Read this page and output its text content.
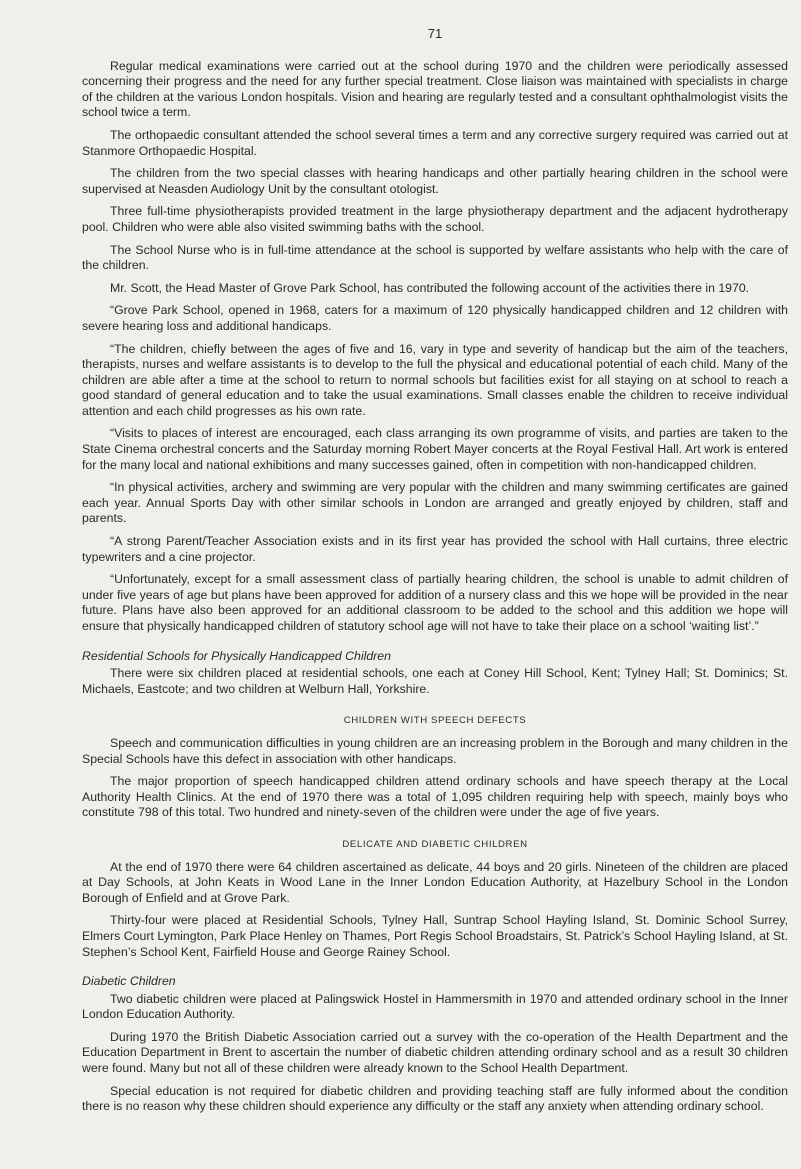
71

Regular medical examinations were carried out at the school during 1970 and the children were periodically assessed concerning their progress and the need for any further special treatment. Close liaison was maintained with specialists in charge of the children at the various London hospitals. Vision and hearing are regularly tested and a consultant ophthalmologist visits the school twice a term.

The orthopaedic consultant attended the school several times a term and any corrective surgery required was carried out at Stanmore Orthopaedic Hospital.

The children from the two special classes with hearing handicaps and other partially hearing children in the school were supervised at Neasden Audiology Unit by the consultant otologist.

Three full-time physiotherapists provided treatment in the large physiotherapy department and the adjacent hydrotherapy pool. Children who were able also visited swimming baths with the school.

The School Nurse who is in full-time attendance at the school is supported by welfare assistants who help with the care of the children.

Mr. Scott, the Head Master of Grove Park School, has contributed the following account of the activities there in 1970.

“Grove Park School, opened in 1968, caters for a maximum of 120 physically handicapped children and 12 children with severe hearing loss and additional handicaps.

“The children, chiefly between the ages of five and 16, vary in type and severity of handicap but the aim of the teachers, therapists, nurses and welfare assistants is to develop to the full the physical and educational potential of each child. Many of the children are able after a time at the school to return to normal schools but facilities exist for all staying on at school to reach a good standard of general education and to take the usual examinations. Small classes enable the children to receive individual attention and each child progresses as his own rate.

“Visits to places of interest are encouraged, each class arranging its own programme of visits, and parties are taken to the State Cinema orchestral concerts and the Saturday morning Robert Mayer concerts at the Royal Festival Hall. Art work is entered for the many local and national exhibitions and many successes gained, often in competition with non-handicapped children.

“In physical activities, archery and swimming are very popular with the children and many swimming certificates are gained each year. Annual Sports Day with other similar schools in London are arranged and greatly enjoyed by children, staff and parents.

“A strong Parent/Teacher Association exists and in its first year has provided the school with Hall curtains, three electric typewriters and a cine projector.

“Unfortunately, except for a small assessment class of partially hearing children, the school is unable to admit children of under five years of age but plans have been approved for addition of a nursery class and this we hope will be provided in the near future. Plans have also been approved for an additional classroom to be added to the school and this addition we hope will ensure that physically handicapped children of statutory school age will not have to take their place on a school ‘waiting list’.”

Residential Schools for Physically Handicapped Children

There were six children placed at residential schools, one each at Coney Hill School, Kent; Tylney Hall; St. Dominics; St. Michaels, Eastcote; and two children at Welburn Hall, Yorkshire.

CHILDREN WITH SPEECH DEFECTS

Speech and communication difficulties in young children are an increasing problem in the Borough and many children in the Special Schools have this defect in association with other handicaps.

The major proportion of speech handicapped children attend ordinary schools and have speech therapy at the Local Authority Health Clinics. At the end of 1970 there was a total of 1,095 children requiring help with speech, mainly boys who constitute 798 of this total. Two hundred and ninety-seven of the children were under the age of five years.

DELICATE AND DIABETIC CHILDREN

At the end of 1970 there were 64 children ascertained as delicate, 44 boys and 20 girls. Nineteen of the children are placed at Day Schools, at John Keats in Wood Lane in the Inner London Education Authority, at Hazelbury School in the London Borough of Enfield and at Grove Park.

Thirty-four were placed at Residential Schools, Tylney Hall, Suntrap School Hayling Island, St. Dominic School Surrey, Elmers Court Lymington, Park Place Henley on Thames, Port Regis School Broadstairs, St. Patrick’s School Hayling Island, at St. Stephen’s School Kent, Fairfield House and George Rainey School.

Diabetic Children

Two diabetic children were placed at Palingswick Hostel in Hammersmith in 1970 and attended ordinary school in the Inner London Education Authority.

During 1970 the British Diabetic Association carried out a survey with the co-operation of the Health Department and the Education Department in Brent to ascertain the number of diabetic children attending ordinary school and as a result 30 children were found. Many but not all of these children were already known to the School Health Department.

Special education is not required for diabetic children and providing teaching staff are fully informed about the condition there is no reason why these children should experience any difficulty or the staff any anxiety when attending ordinary school.
